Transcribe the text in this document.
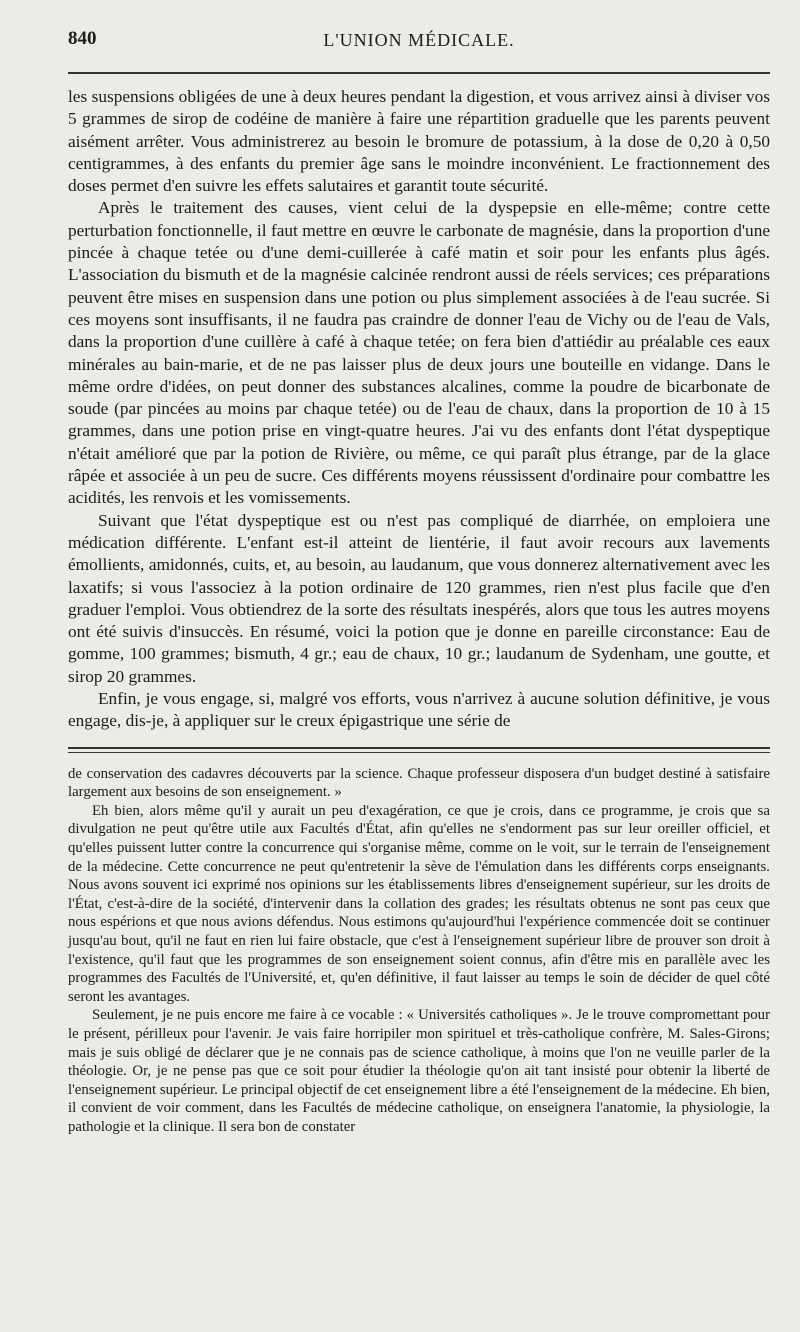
840	L'UNION MÉDICALE.

les suspensions obligées de une à deux heures pendant la digestion, et vous arrivez ainsi à diviser vos 5 grammes de sirop de codéine de manière à faire une répartition graduelle que les parents peuvent aisément arrêter. Vous administrerez au besoin le bromure de potassium, à la dose de 0,20 à 0,50 centigrammes, à des enfants du premier âge sans le moindre inconvénient. Le fractionnement des doses permet d'en suivre les effets salutaires et garantit toute sécurité.

Après le traitement des causes, vient celui de la dyspepsie en elle-même; contre cette perturbation fonctionnelle, il faut mettre en œuvre le carbonate de magnésie, dans la proportion d'une pincée à chaque tetée ou d'une demi-cuillerée à café matin et soir pour les enfants plus âgés. L'association du bismuth et de la magnésie calcinée rendront aussi de réels services; ces préparations peuvent être mises en suspension dans une potion ou plus simplement associées à de l'eau sucrée. Si ces moyens sont insuffisants, il ne faudra pas craindre de donner l'eau de Vichy ou de l'eau de Vals, dans la proportion d'une cuillère à café à chaque tetée; on fera bien d'attiédir au préalable ces eaux minérales au bain-marie, et de ne pas laisser plus de deux jours une bouteille en vidange. Dans le même ordre d'idées, on peut donner des substances alcalines, comme la poudre de bicarbonate de soude (par pincées au moins par chaque tetée) ou de l'eau de chaux, dans la proportion de 10 à 15 grammes, dans une potion prise en vingt-quatre heures. J'ai vu des enfants dont l'état dyspeptique n'était amélioré que par la potion de Rivière, ou même, ce qui paraît plus étrange, par de la glace râpée et associée à un peu de sucre. Ces différents moyens réussissent d'ordinaire pour combattre les acidités, les renvois et les vomissements.

Suivant que l'état dyspeptique est ou n'est pas compliqué de diarrhée, on emploiera une médication différente. L'enfant est-il atteint de lientérie, il faut avoir recours aux lavements émollients, amidonnés, cuits, et, au besoin, au laudanum, que vous donnerez alternativement avec les laxatifs; si vous l'associez à la potion ordinaire de 120 grammes, rien n'est plus facile que d'en graduer l'emploi. Vous obtiendrez de la sorte des résultats inespérés, alors que tous les autres moyens ont été suivis d'insuccès. En résumé, voici la potion que je donne en pareille circonstance: Eau de gomme, 100 grammes; bismuth, 4 gr.; eau de chaux, 10 gr.; laudanum de Sydenham, une goutte, et sirop 20 grammes.

Enfin, je vous engage, si, malgré vos efforts, vous n'arrivez à aucune solution définitive, je vous engage, dis-je, à appliquer sur le creux épigastrique une série de

de conservation des cadavres découverts par la science. Chaque professeur disposera d'un budget destiné à satisfaire largement aux besoins de son enseignement. »

Eh bien, alors même qu'il y aurait un peu d'exagération, ce que je crois, dans ce programme, je crois que sa divulgation ne peut qu'être utile aux Facultés d'État, afin qu'elles ne s'endorment pas sur leur oreiller officiel, et qu'elles puissent lutter contre la concurrence qui s'organise même, comme on le voit, sur le terrain de l'enseignement de la médecine. Cette concurrence ne peut qu'entretenir la sève de l'émulation dans les différents corps enseignants. Nous avons souvent ici exprimé nos opinions sur les établissements libres d'enseignement supérieur, sur les droits de l'État, c'est-à-dire de la société, d'intervenir dans la collation des grades; les résultats obtenus ne sont pas ceux que nous espérions et que nous avions défendus. Nous estimons qu'aujourd'hui l'expérience commencée doit se continuer jusqu'au bout, qu'il ne faut en rien lui faire obstacle, que c'est à l'enseignement supérieur libre de prouver son droit à l'existence, qu'il faut que les programmes de son enseignement soient connus, afin d'être mis en parallèle avec les programmes des Facultés de l'Université, et, qu'en définitive, il faut laisser au temps le soin de décider de quel côté seront les avantages.

Seulement, je ne puis encore me faire à ce vocable : « Universités catholiques ». Je le trouve compromettant pour le présent, périlleux pour l'avenir. Je vais faire horripiler mon spirituel et très-catholique confrère, M. Sales-Girons; mais je suis obligé de déclarer que je ne connais pas de science catholique, à moins que l'on ne veuille parler de la théologie. Or, je ne pense pas que ce soit pour étudier la théologie qu'on ait tant insisté pour obtenir la liberté de l'enseignement supérieur. Le principal objectif de cet enseignement libre a été l'enseignement de la médecine. Eh bien, il convient de voir comment, dans les Facultés de médecine catholique, on enseignera l'anatomie, la physiologie, la pathologie et la clinique. Il sera bon de constater
